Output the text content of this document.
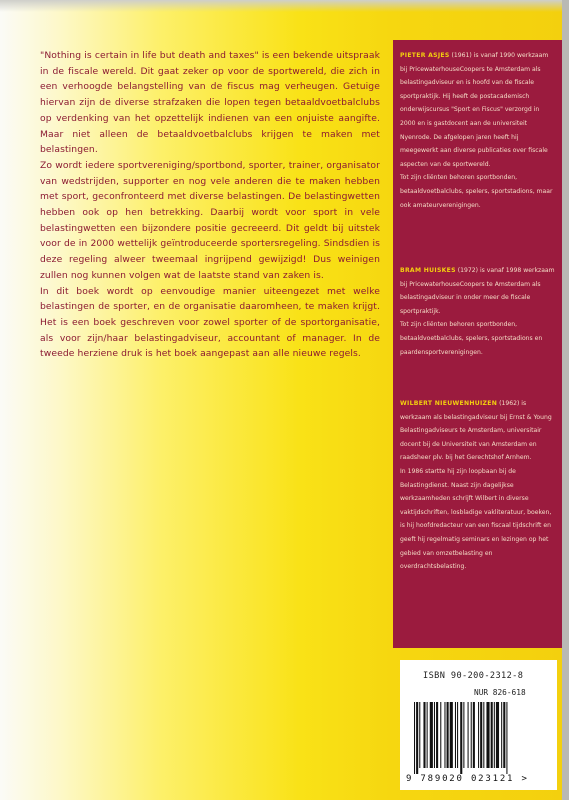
"Nothing is certain in life but death and taxes" is een bekende uitspraak in de fiscale wereld. Dit gaat zeker op voor de sportwereld, die zich in een verhoogde belangstelling van de fiscus mag verheugen. Getuige hiervan zijn de diverse strafzaken die lopen tegen betaaldvoetbalclubs op verdenking van het opzettelijk indienen van een onjuiste aangifte. Maar niet alleen de betaaldvoetbalclubs krijgen te maken met belastingen.

Zo wordt iedere sportvereniging/sportbond, sporter, trainer, organisator van wedstrijden, supporter en nog vele anderen die te maken hebben met sport, geconfronteerd met diverse belastingen. De belastingwetten hebben ook op hen betrekking. Daarbij wordt voor sport in vele belastingwetten een bijzondere positie gecreeerd. Dit geldt bij uitstek voor de in 2000 wettelijk geïntroduceerde sportersregeling. Sindsdien is deze regeling alweer tweemaal ingrijpend gewijzigd! Dus weinigen zullen nog kunnen volgen wat de laatste stand van zaken is.

In dit boek wordt op eenvoudige manier uiteengezet met welke belastingen de sporter, en de organisatie daaromheen, te maken krijgt. Het is een boek geschreven voor zowel sporter of de sportorganisatie, als voor zijn/haar belastingadviseur, accountant of manager. In de tweede herziene druk is het boek aangepast aan alle nieuwe regels.

PIETER ASJES (1961) is vanaf 1990 werkzaam bij PricewaterhouseCoopers te Amsterdam als belastingadviseur en is hoofd van de fiscale sportpraktijk. Hij heeft de postacademisch onderwijscursus "Sport en Fiscus" verzorgd in 2000 en is gastdocent aan de universiteit Nyenrode. De afgelopen jaren heeft hij meegewerkt aan diverse publicaties over fiscale aspecten van de sportwereld.

Tot zijn cliënten behoren sportbonden, betaaldvoetbalclubs, spelers, sportstadions, maar ook amateurverenigingen.

BRAM HUISKES (1972) is vanaf 1998 werkzaam bij PricewaterhouseCoopers te Amsterdam als belastingadviseur in onder meer de fiscale sportpraktijk.

Tot zijn cliënten behoren sportbonden, betaaldvoetbalclubs, spelers, sportstadions en paardensportverenigingen.

WILBERT NIEUWENHUIZEN (1962) is werkzaam als belastingadviseur bij Ernst & Young Belastingadviseurs te Amsterdam, universitair docent bij de Universiteit van Amsterdam en raadsheer plv. bij het Gerechtshof Arnhem.

In 1986 startte hij zijn loopbaan bij de Belastingdienst. Naast zijn dagelijkse werkzaamheden schrijft Wilbert in diverse vaktijdschriften, losbladige vakliteratuur, boeken, is hij hoofdredacteur van een fiscaal tijdschrift en geeft hij regelmatig seminars en lezingen op het gebied van omzetbelasting en overdrachtsbelasting.

ISBN 90-200-2312-8
NUR 826-618
9 789020 023121 >
